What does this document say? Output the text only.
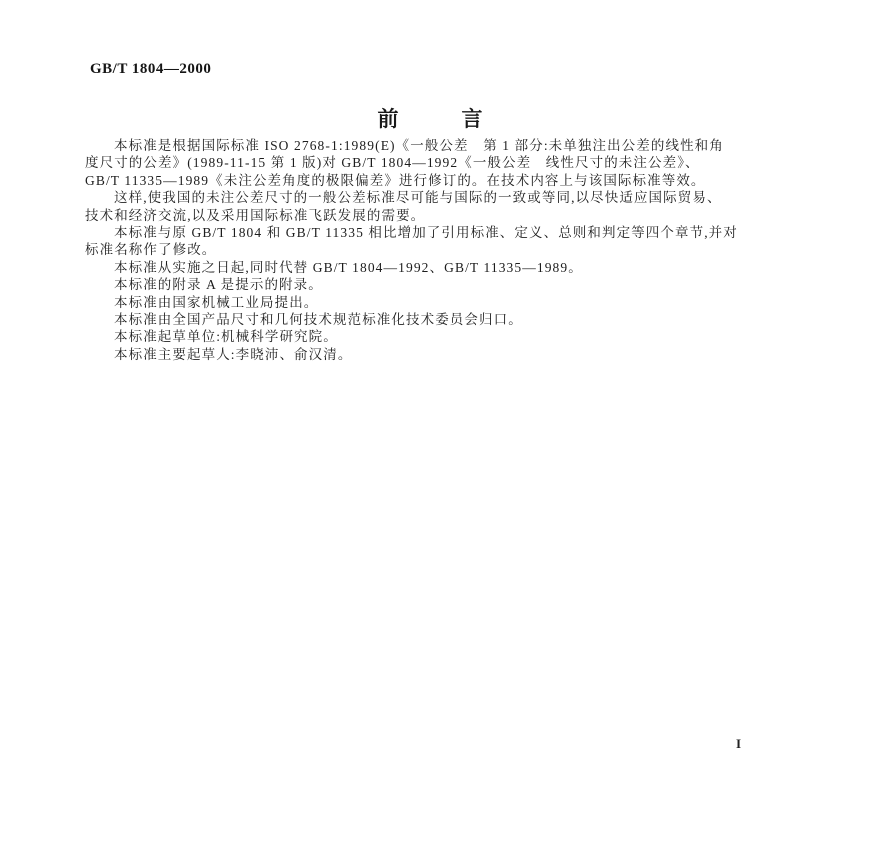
GB/T 1804—2000
前　　　言
本标准是根据国际标准 ISO 2768-1:1989(E)《一般公差　第 1 部分:未单独注出公差的线性和角
度尺寸的公差》(1989-11-15 第 1 版)对 GB/T 1804—1992《一般公差　线性尺寸的未注公差》、
GB/T 11335—1989《未注公差角度的极限偏差》进行修订的。在技术内容上与该国际标准等效。
这样,使我国的未注公差尺寸的一般公差标准尽可能与国际的一致或等同,以尽快适应国际贸易、
技术和经济交流,以及采用国际标准飞跃发展的需要。
本标准与原 GB/T 1804 和 GB/T 11335 相比增加了引用标准、定义、总则和判定等四个章节,并对
标准名称作了修改。
本标准从实施之日起,同时代替 GB/T 1804—1992、GB/T 11335—1989。
本标准的附录 A 是提示的附录。
本标准由国家机械工业局提出。
本标准由全国产品尺寸和几何技术规范标准化技术委员会归口。
本标准起草单位:机械科学研究院。
本标准主要起草人:李晓沛、俞汉清。
I
